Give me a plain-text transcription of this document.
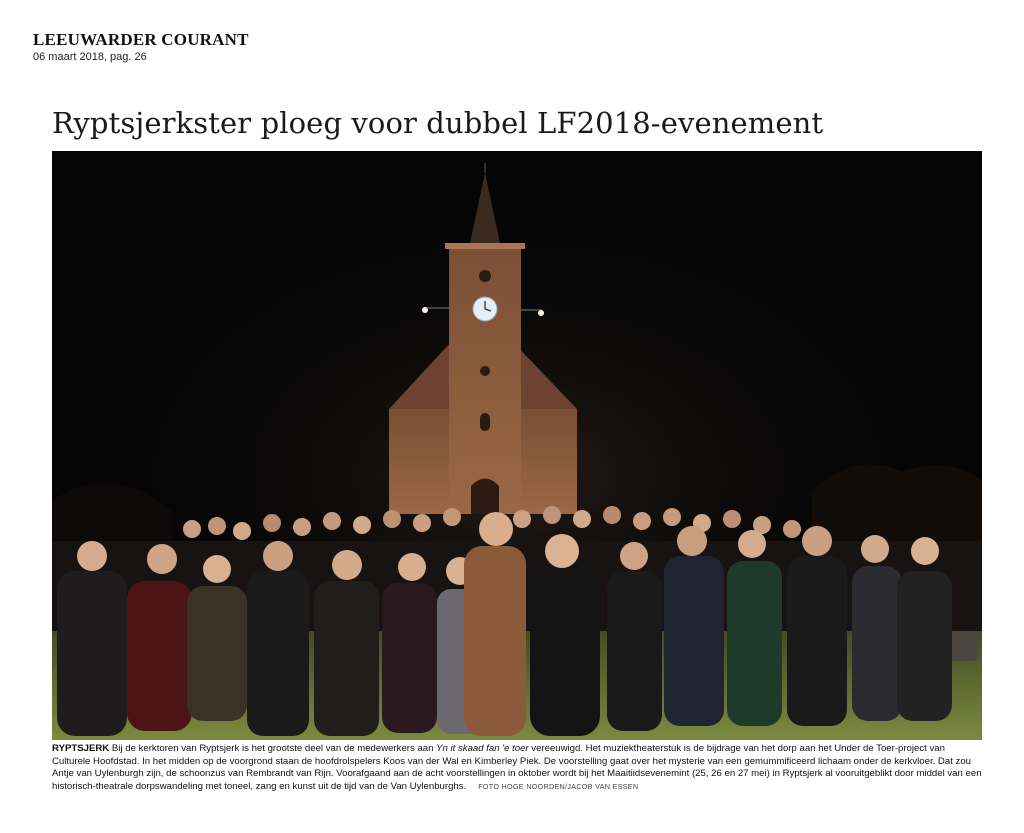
LEEUWARDER COURANT
06 maart 2018, pag. 26
Ryptsjerkster ploeg voor dubbel LF2018-evenement
RYPTSJERK Bij de kerktoren van Ryptsjerk is het grootste deel van de medewerkers aan Yn it skaad fan 'e toer vereeuwigd. Het muziektheaterstuk is de bijdrage van het dorp aan het Under de Toer-project van Culturele Hoofdstad. In het midden op de voorgrond staan de hoofdrolspelers Koos van der Wal en Kimberley Piek. De voorstelling gaat over het mysterie van een gemummificeerd lichaam onder de kerkvloer. Dat zou Antje van Uylenburgh zijn, de schoonzus van Rembrandt van Rijn. Voorafgaand aan de acht voorstellingen in oktober wordt bij het Maaitiidsevenemint (25, 26 en 27 mei) in Ryptsjerk al vooruitgeblikt door middel van een historisch-theatrale dorpswandeling met toneel, zang en kunst uit de tijd van de Van Uylenburghs. FOTO HOGE NOORDEN/JACOB VAN ESSEN
